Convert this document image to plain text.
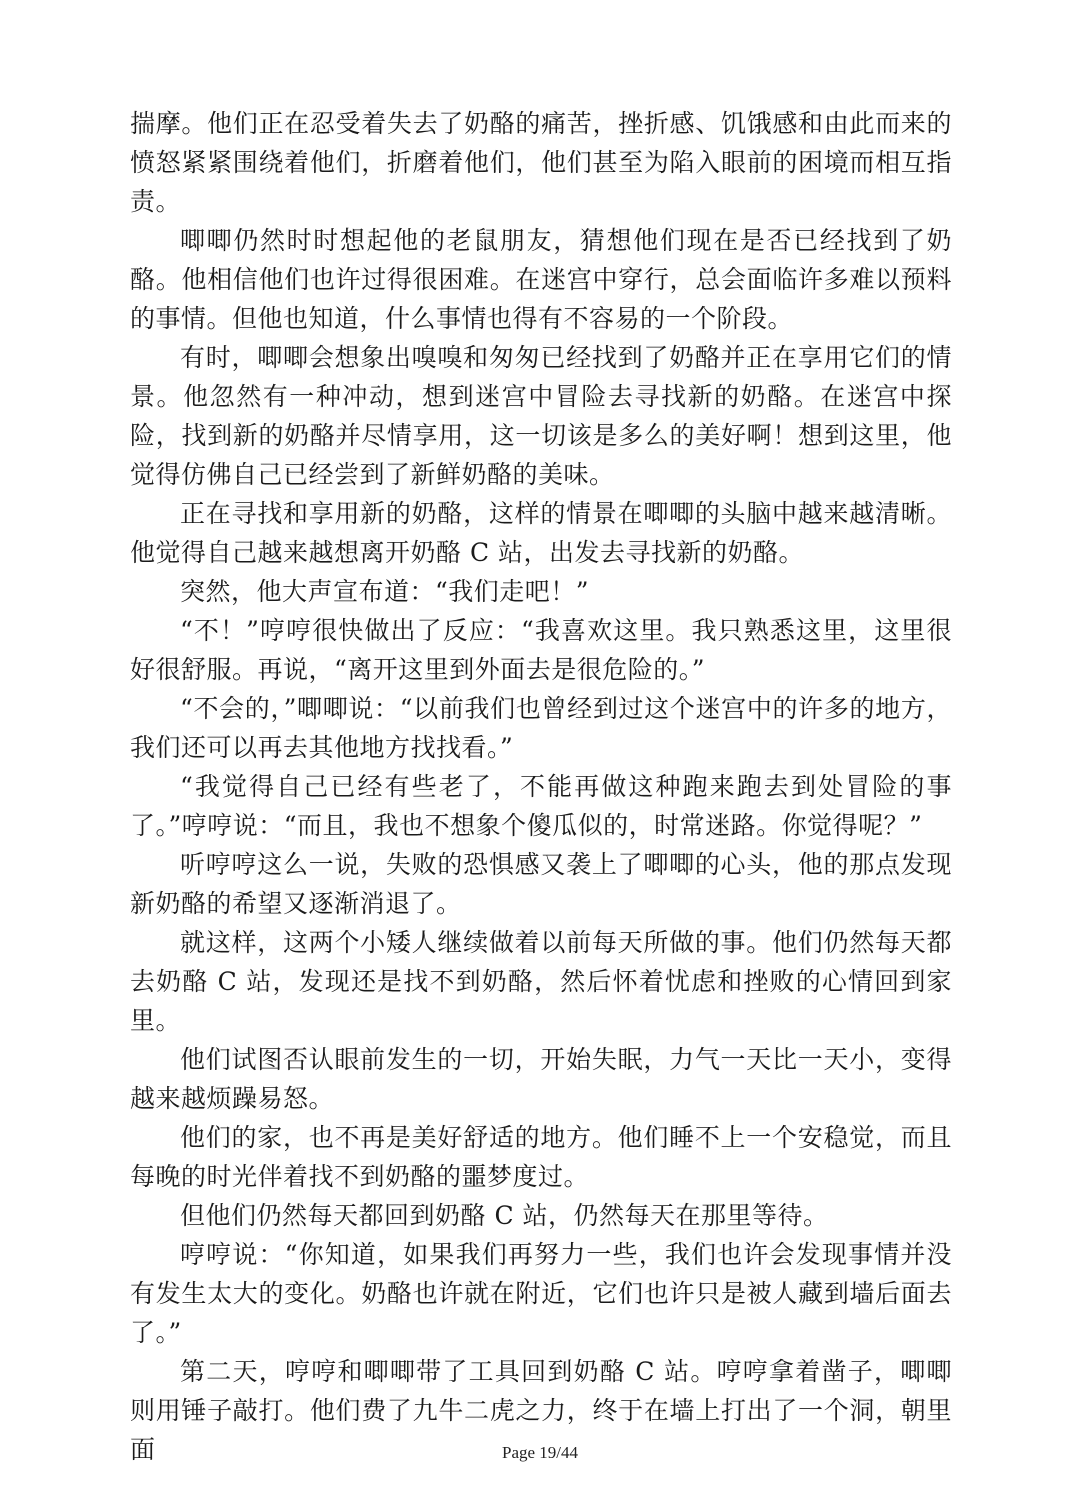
揣摩。他们正在忍受着失去了奶酪的痛苦，挫折感、饥饿感和由此而来的愤怒紧紧围绕着他们，折磨着他们，他们甚至为陷入眼前的困境而相互指责。

唧唧仍然时时想起他的老鼠朋友，猜想他们现在是否已经找到了奶酪。他相信他们也许过得很困难。在迷宫中穿行，总会面临许多难以预料的事情。但他也知道，什么事情也得有不容易的一个阶段。

有时，唧唧会想象出嗅嗅和匆匆已经找到了奶酪并正在享用它们的情景。他忽然有一种冲动，想到迷宫中冒险去寻找新的奶酪。在迷宫中探险，找到新的奶酪并尽情享用，这一切该是多么的美好啊！想到这里，他觉得仿佛自己已经尝到了新鲜奶酪的美味。

正在寻找和享用新的奶酪，这样的情景在唧唧的头脑中越来越清晰。他觉得自己越来越想离开奶酪 C 站，出发去寻找新的奶酪。

突然，他大声宣布道：“我们走吧！”

“不！”哼哼很快做出了反应：“我喜欢这里。我只熟悉这里，这里很好很舒服。再说，“离开这里到外面去是很危险的。”

“不会的，”唧唧说：“以前我们也曾经到过这个迷宫中的许多的地方，我们还可以再去其他地方找找看。”

“我觉得自己已经有些老了，不能再做这种跑来跑去到处冒险的事了。”哼哼说：“而且，我也不想象个傻瓜似的，时常迷路。你觉得呢？”

听哼哼这么一说，失败的恐惧感又袭上了唧唧的心头，他的那点发现新奶酪的希望又逐渐消退了。

就这样，这两个小矮人继续做着以前每天所做的事。他们仍然每天都去奶酪 C 站，发现还是找不到奶酪，然后怀着忧虑和挫败的心情回到家里。

他们试图否认眼前发生的一切，开始失眠，力气一天比一天小，变得越来越烦躁易怒。

他们的家，也不再是美好舒适的地方。他们睡不上一个安稳觉，而且每晚的时光伴着找不到奶酪的噩梦度过。

但他们仍然每天都回到奶酪 C 站，仍然每天在那里等待。

哼哼说：“你知道，如果我们再努力一些，我们也许会发现事情并没有发生太大的变化。奶酪也许就在附近，它们也许只是被人藏到墙后面去了。”

第二天，哼哼和唧唧带了工具回到奶酪 C 站。哼哼拿着凿子，唧唧则用锤子敲打。他们费了九牛二虎之力，终于在墙上打出了一个洞，朝里面	Page 19/44
